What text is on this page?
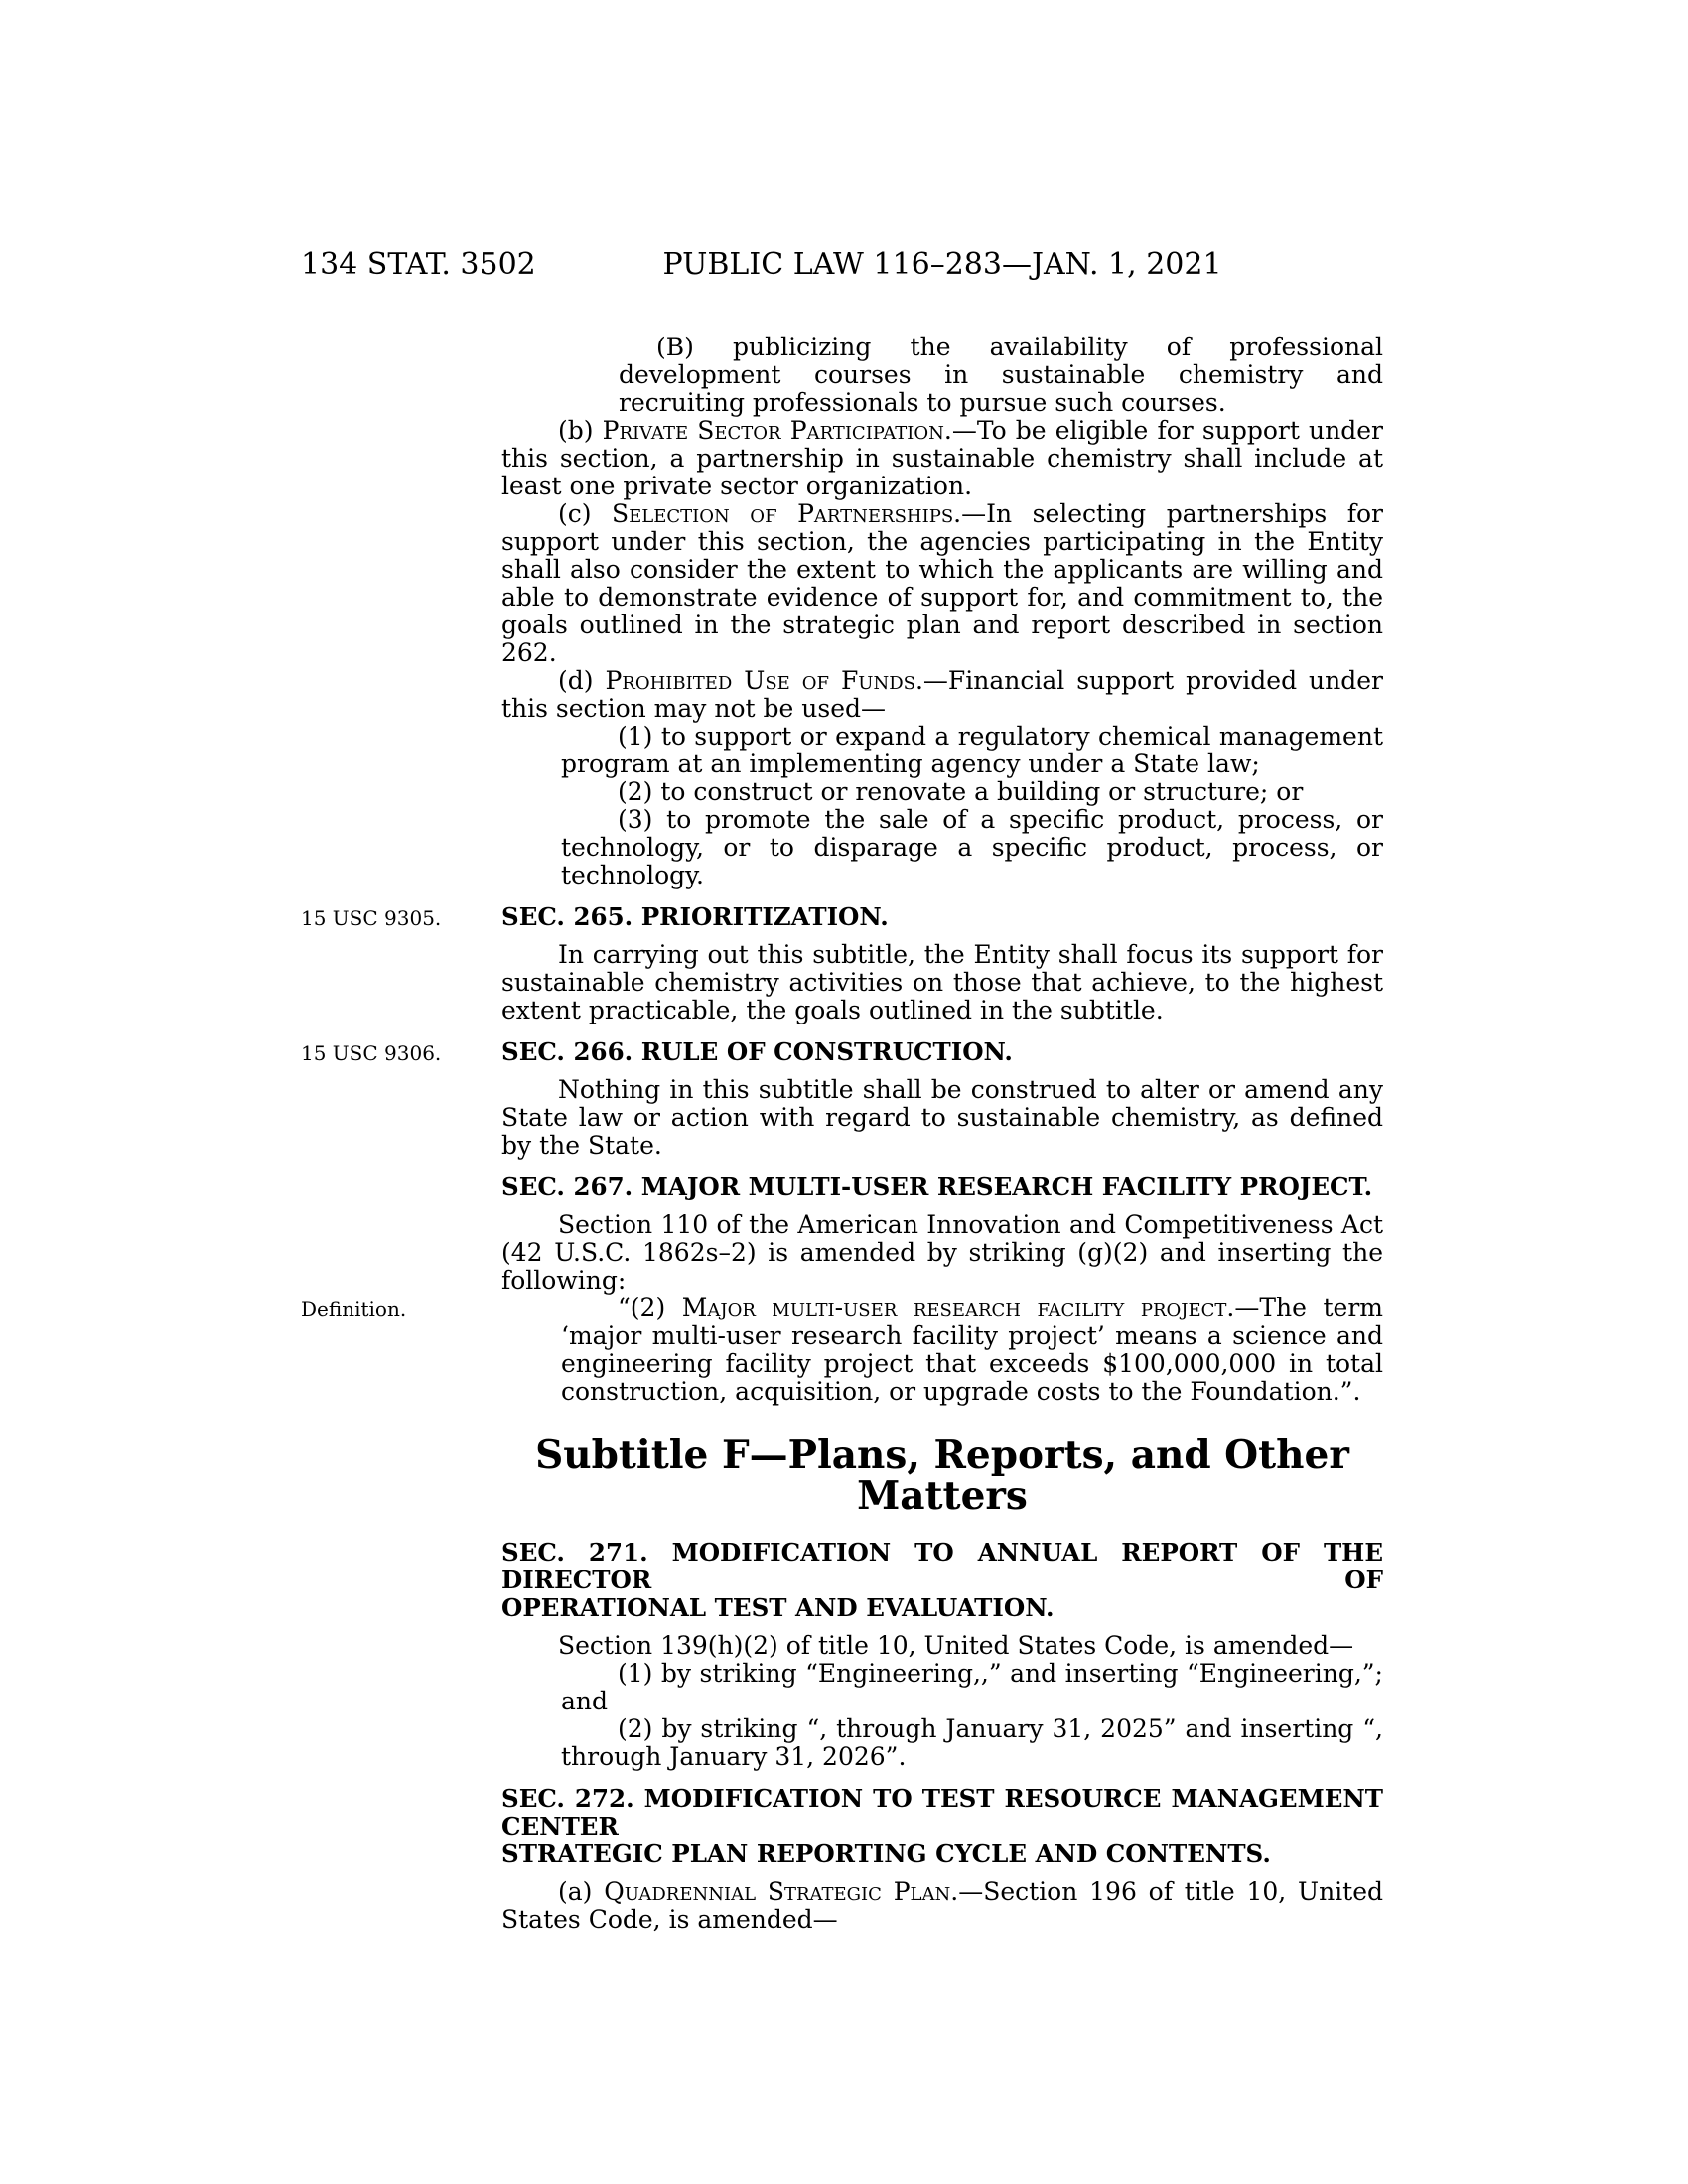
134 STAT. 3502	PUBLIC LAW 116–283—JAN. 1, 2021
(B) publicizing the availability of professional development courses in sustainable chemistry and recruiting professionals to pursue such courses.
(b) Private Sector Participation.—To be eligible for support under this section, a partnership in sustainable chemistry shall include at least one private sector organization.
(c) Selection of Partnerships.—In selecting partnerships for support under this section, the agencies participating in the Entity shall also consider the extent to which the applicants are willing and able to demonstrate evidence of support for, and commitment to, the goals outlined in the strategic plan and report described in section 262.
(d) Prohibited Use of Funds.—Financial support provided under this section may not be used—
(1) to support or expand a regulatory chemical management program at an implementing agency under a State law;
(2) to construct or renovate a building or structure; or
(3) to promote the sale of a specific product, process, or technology, or to disparage a specific product, process, or technology.
15 USC 9305.	SEC. 265. PRIORITIZATION.
In carrying out this subtitle, the Entity shall focus its support for sustainable chemistry activities on those that achieve, to the highest extent practicable, the goals outlined in the subtitle.
15 USC 9306.	SEC. 266. RULE OF CONSTRUCTION.
Nothing in this subtitle shall be construed to alter or amend any State law or action with regard to sustainable chemistry, as defined by the State.
SEC. 267. MAJOR MULTI-USER RESEARCH FACILITY PROJECT.
Section 110 of the American Innovation and Competitiveness Act (42 U.S.C. 1862s–2) is amended by striking (g)(2) and inserting the following:
Definition.	“(2) Major multi-user research facility project.—The term ‘major multi-user research facility project’ means a science and engineering facility project that exceeds $100,000,000 in total construction, acquisition, or upgrade costs to the Foundation.”.
Subtitle F—Plans, Reports, and Other
Matters
SEC. 271. MODIFICATION TO ANNUAL REPORT OF THE DIRECTOR OF
OPERATIONAL TEST AND EVALUATION.
Section 139(h)(2) of title 10, United States Code, is amended—
(1) by striking “Engineering,,” and inserting “Engineering,”; and
(2) by striking “, through January 31, 2025” and inserting “, through January 31, 2026”.
SEC. 272. MODIFICATION TO TEST RESOURCE MANAGEMENT CENTER
STRATEGIC PLAN REPORTING CYCLE AND CONTENTS.
(a) Quadrennial Strategic Plan.—Section 196 of title 10, United States Code, is amended—
